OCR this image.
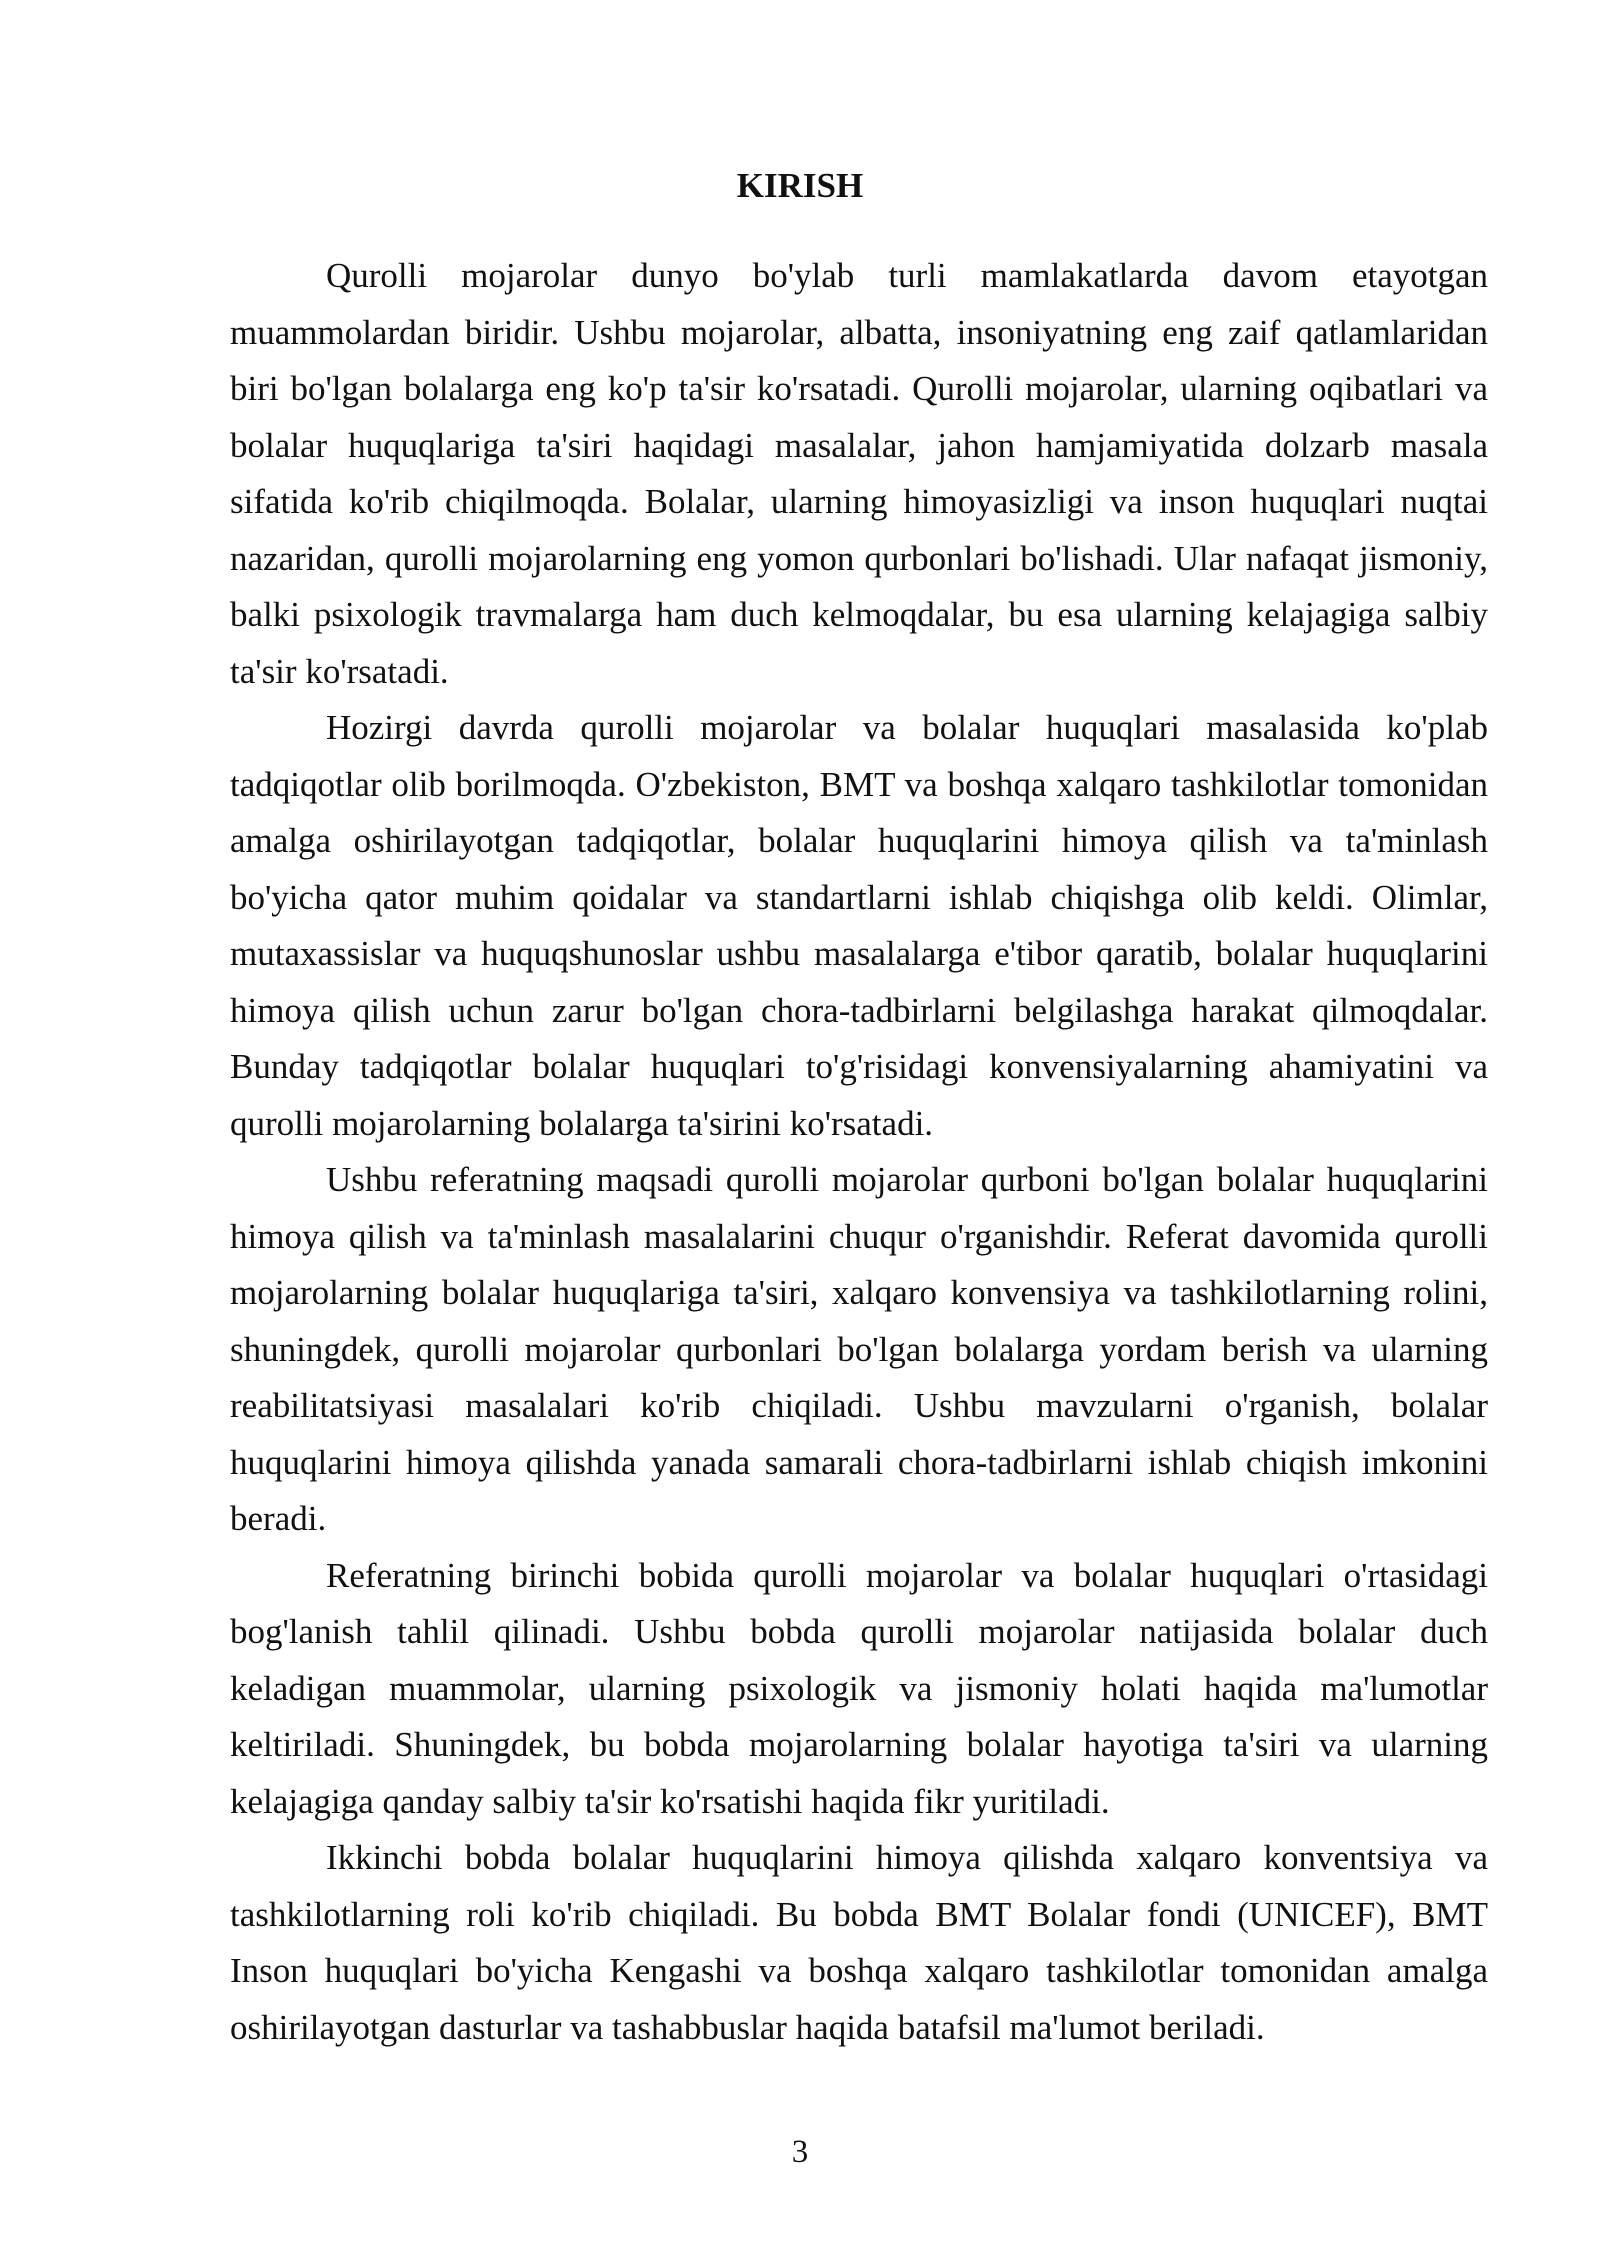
KIRISH

Qurolli mojarolar dunyo bo'ylab turli mamlakatlarda davom etayotgan muammolardan biridir. Ushbu mojarolar, albatta, insoniyatning eng zaif qatlamlaridan biri bo'lgan bolalarga eng ko'p ta'sir ko'rsatadi. Qurolli mojarolar, ularning oqibatlari va bolalar huquqlariga ta'siri haqidagi masalalar, jahon hamjamiyatida dolzarb masala sifatida ko'rib chiqilmoqda. Bolalar, ularning himoyasizligi va inson huquqlari nuqtai nazaridan, qurolli mojarolarning eng yomon qurbonlari bo'lishadi. Ular nafaqat jismoniy, balki psixologik travmalarga ham duch kelmoqdalar, bu esa ularning kelajagiga salbiy ta'sir ko'rsatadi.

Hozirgi davrda qurolli mojarolar va bolalar huquqlari masalasida ko'plab tadqiqotlar olib borilmoqda. O'zbekiston, BMT va boshqa xalqaro tashkilotlar tomonidan amalga oshirilayotgan tadqiqotlar, bolalar huquqlarini himoya qilish va ta'minlash bo'yicha qator muhim qoidalar va standartlarni ishlab chiqishga olib keldi. Olimlar, mutaxassislar va huquqshunoslar ushbu masalalarga e'tibor qaratib, bolalar huquqlarini himoya qilish uchun zarur bo'lgan chora-tadbirlarni belgilashga harakat qilmoqdalar. Bunday tadqiqotlar bolalar huquqlari to'g'risidagi konvensiyalarning ahamiyatini va qurolli mojarolarning bolalarga ta'sirini ko'rsatadi.

Ushbu referatning maqsadi qurolli mojarolar qurboni bo'lgan bolalar huquqlarini himoya qilish va ta'minlash masalalarini chuqur o'rganishdir. Referat davomida qurolli mojarolarning bolalar huquqlariga ta'siri, xalqaro konvensiya va tashkilotlarning rolini, shuningdek, qurolli mojarolar qurbonlari bo'lgan bolalarga yordam berish va ularning reabilitatsiyasi masalalari ko'rib chiqiladi. Ushbu mavzularni o'rganish, bolalar huquqlarini himoya qilishda yanada samarali chora-tadbirlarni ishlab chiqish imkonini beradi.

Referatning birinchi bobida qurolli mojarolar va bolalar huquqlari o'rtasidagi bog'lanish tahlil qilinadi. Ushbu bobda qurolli mojarolar natijasida bolalar duch keladigan muammolar, ularning psixologik va jismoniy holati haqida ma'lumotlar keltiriladi. Shuningdek, bu bobda mojarolarning bolalar hayotiga ta'siri va ularning kelajagiga qanday salbiy ta'sir ko'rsatishi haqida fikr yuritiladi.

Ikkinchi bobda bolalar huquqlarini himoya qilishda xalqaro konventsiya va tashkilotlarning roli ko'rib chiqiladi. Bu bobda BMT Bolalar fondi (UNICEF), BMT Inson huquqlari bo'yicha Kengashi va boshqa xalqaro tashkilotlar tomonidan amalga oshirilayotgan dasturlar va tashabbuslar haqida batafsil ma'lumot beriladi.

3
